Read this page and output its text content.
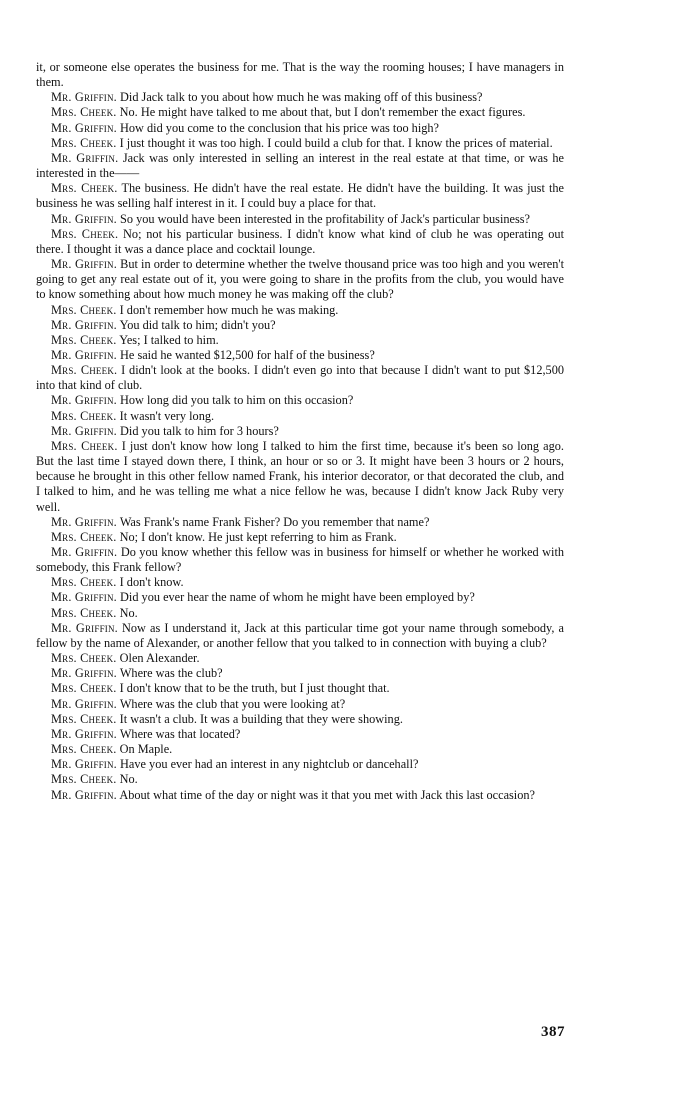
it, or someone else operates the business for me. That is the way the rooming houses; I have managers in them.

Mr. Griffin. Did Jack talk to you about how much he was making off of this business?

Mrs. Cheek. No. He might have talked to me about that, but I don't remember the exact figures.

Mr. Griffin. How did you come to the conclusion that his price was too high?

Mrs. Cheek. I just thought it was too high. I could build a club for that. I know the prices of material.

Mr. Griffin. Jack was only interested in selling an interest in the real estate at that time, or was he interested in the——

Mrs. Cheek. The business. He didn't have the real estate. He didn't have the building. It was just the business he was selling half interest in it. I could buy a place for that.

Mr. Griffin. So you would have been interested in the profitability of Jack's particular business?

Mrs. Cheek. No; not his particular business. I didn't know what kind of club he was operating out there. I thought it was a dance place and cocktail lounge.

Mr. Griffin. But in order to determine whether the twelve thousand price was too high and you weren't going to get any real estate out of it, you were going to share in the profits from the club, you would have to know something about how much money he was making off the club?

Mrs. Cheek. I don't remember how much he was making.

Mr. Griffin. You did talk to him; didn't you?

Mrs. Cheek. Yes; I talked to him.

Mr. Griffin. He said he wanted $12,500 for half of the business?

Mrs. Cheek. I didn't look at the books. I didn't even go into that because I didn't want to put $12,500 into that kind of club.

Mr. Griffin. How long did you talk to him on this occasion?

Mrs. Cheek. It wasn't very long.

Mr. Griffin. Did you talk to him for 3 hours?

Mrs. Cheek. I just don't know how long I talked to him the first time, because it's been so long ago. But the last time I stayed down there, I think, an hour or so or 3. It might have been 3 hours or 2 hours, because he brought in this other fellow named Frank, his interior decorator, or that decorated the club, and I talked to him, and he was telling me what a nice fellow he was, because I didn't know Jack Ruby very well.

Mr. Griffin. Was Frank's name Frank Fisher? Do you remember that name?

Mrs. Cheek. No; I don't know. He just kept referring to him as Frank.

Mr. Griffin. Do you know whether this fellow was in business for himself or whether he worked with somebody, this Frank fellow?

Mrs. Cheek. I don't know.

Mr. Griffin. Did you ever hear the name of whom he might have been employed by?

Mrs. Cheek. No.

Mr. Griffin. Now as I understand it, Jack at this particular time got your name through somebody, a fellow by the name of Alexander, or another fellow that you talked to in connection with buying a club?

Mrs. Cheek. Olen Alexander.

Mr. Griffin. Where was the club?

Mrs. Cheek. I don't know that to be the truth, but I just thought that.

Mr. Griffin. Where was the club that you were looking at?

Mrs. Cheek. It wasn't a club. It was a building that they were showing.

Mr. Griffin. Where was that located?

Mrs. Cheek. On Maple.

Mr. Griffin. Have you ever had an interest in any nightclub or dancehall?

Mrs. Cheek. No.

Mr. Griffin. About what time of the day or night was it that you met with Jack this last occasion?

387
